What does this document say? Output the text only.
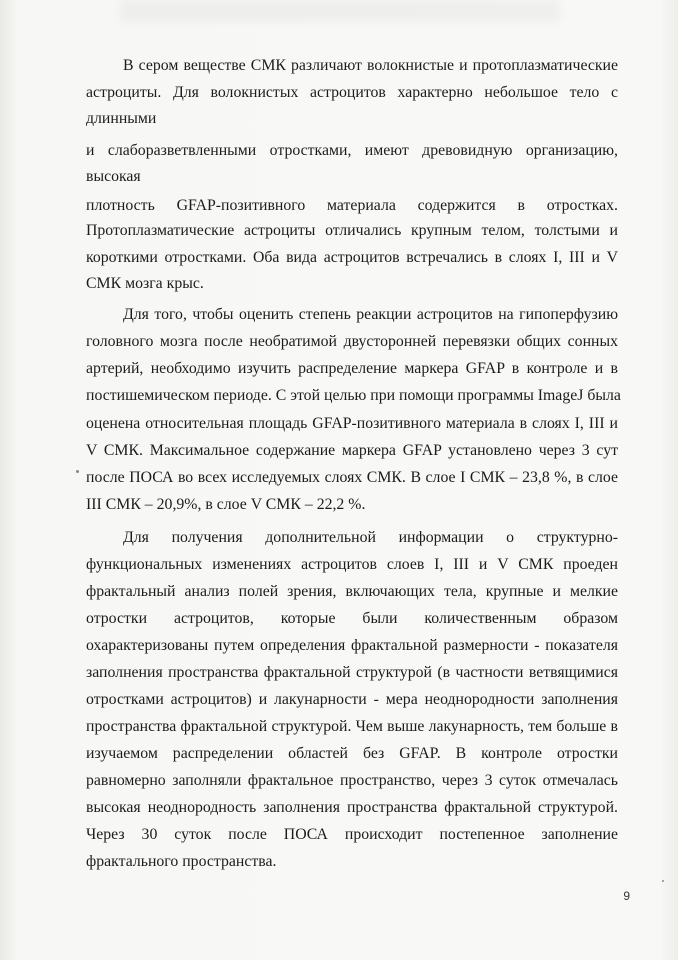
В сером веществе СМК различают волокнистые и протоплазматические
астроциты. Для волокнистых астроцитов характерно небольшое тело с
длинными
и слаборазветвленными отростками, имеют древовидную организацию,
высокая
плотность GFAP-позитивного материала содержится в отростках.
Протоплазматические астроциты отличались крупным телом, толстыми и
короткими отростками. Оба вида астроцитов встречались в слоях I, III и V
СМК мозга крыс.
Для того, чтобы оценить степень реакции астроцитов на гипоперфузию
головного мозга после необратимой двусторонней перевязки общих сонных
артерий, необходимо изучить распределение маркера GFAP в контроле и в
постишемическом периоде. С этой целью при помощи программы ImageJ была
оценена относительная площадь GFAP-позитивного материала в слоях I, III и
V СМК. Максимальное содержание маркера GFAP установлено через 3 сут
после ПОСА во всех исследуемых слоях СМК. В слое I СМК – 23,8 %, в слое
III СМК – 20,9%, в слое V СМК – 22,2 %.
Для получения дополнительной информации о структурно-
функциональных изменениях астроцитов слоев I, III и V СМК проеден
фрактальный анализ полей зрения, включающих тела, крупные и мелкие
отростки астроцитов, которые были количественным образом
охарактеризованы путем определения фрактальной размерности - показателя
заполнения пространства фрактальной структурой (в частности ветвящимися
отростками астроцитов) и лакунарности - мера неоднородности заполнения
пространства фрактальной структурой. Чем выше лакунарность, тем больше в
изучаемом распределении областей без GFAP. В контроле отростки
равномерно заполняли фрактальное пространство, через 3 суток отмечалась
высокая неоднородность заполнения пространства фрактальной структурой.
Через 30 суток после ПОСА происходит постепенное заполнение
фрактального пространства.
9
